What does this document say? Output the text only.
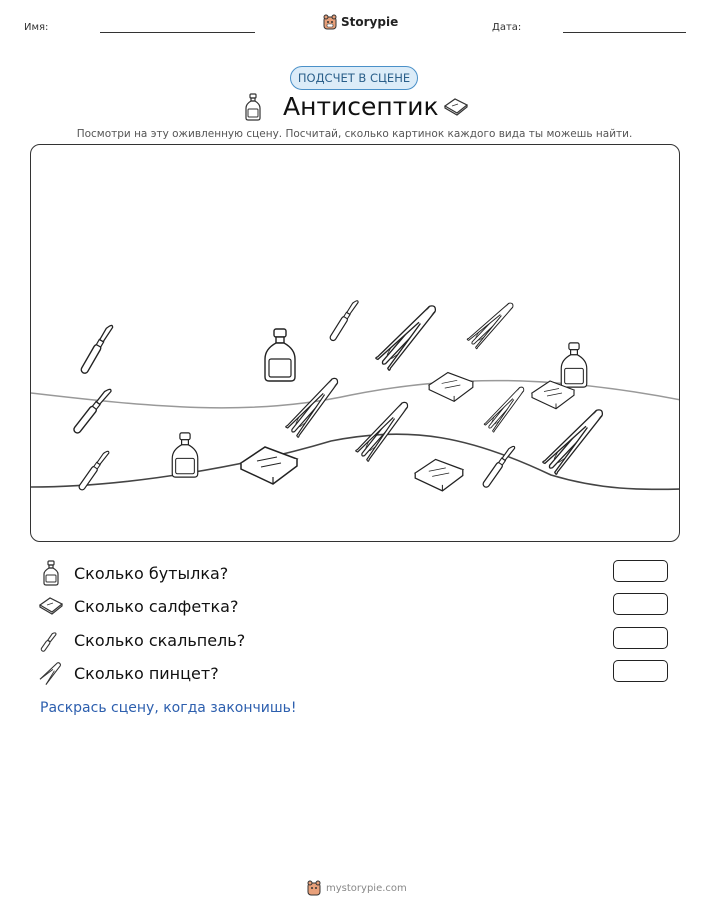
Имя:	Storypie	Дата:
ПОДСЧЕТ В СЦЕНЕ
Антисептик
Посмотри на эту оживленную сцену. Посчитай, сколько картинок каждого вида ты можешь найти.
Сколько бутылка?
Сколько салфетка?
Сколько скальпель?
Сколько пинцет?
Раскрась сцену, когда закончишь!
mystorypie.com
